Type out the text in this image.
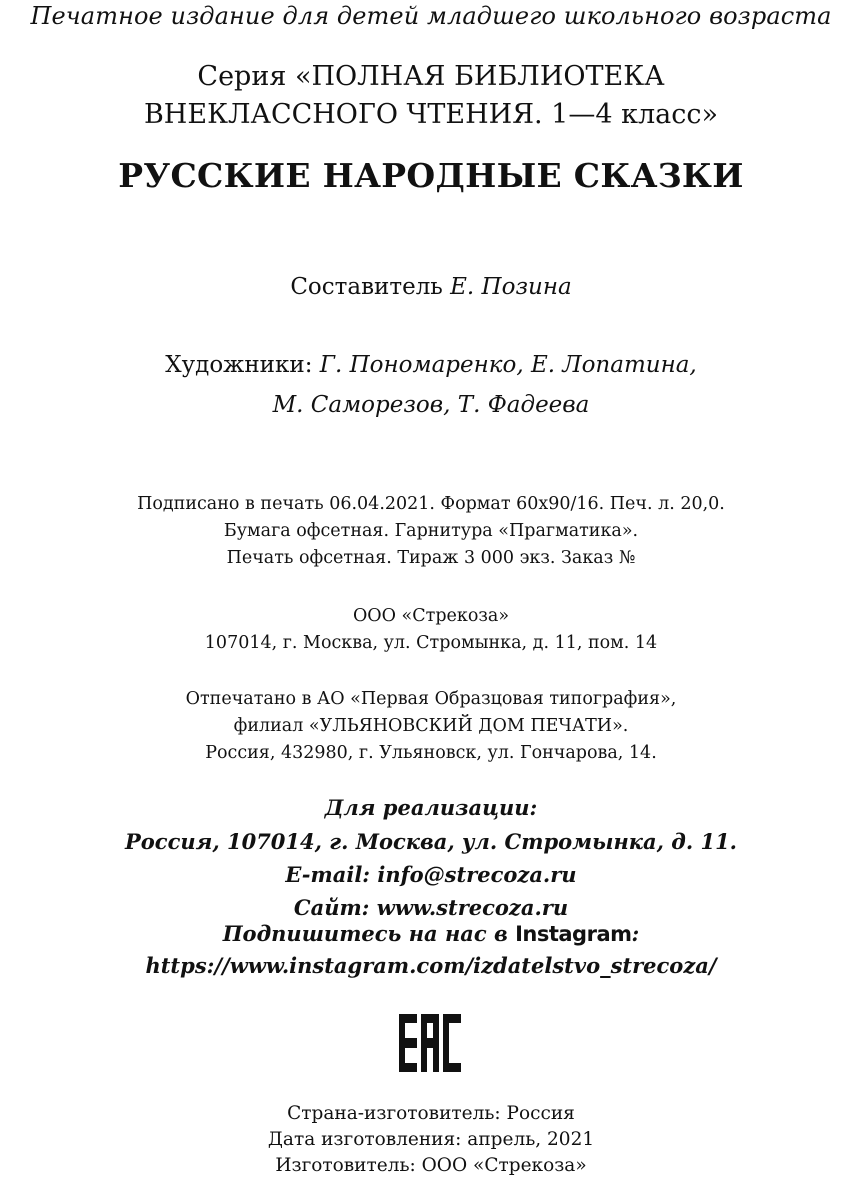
Печатное издание для детей младшего школьного возраста
Серия «ПОЛНАЯ БИБЛИОТЕКА
ВНЕКЛАССНОГО ЧТЕНИЯ. 1—4 класс»
РУССКИЕ НАРОДНЫЕ СКАЗКИ
Составитель Е. Позина
Художники: Г. Пономаренко, Е. Лопатина,
М. Саморезов, Т. Фадеева
Подписано в печать 06.04.2021. Формат 60x90/16. Печ. л. 20,0.
Бумага офсетная. Гарнитура «Прагматика».
Печать офсетная. Тираж 3 000 экз. Заказ №
ООО «Стрекоза»
107014, г. Москва, ул. Стромынка, д. 11, пом. 14
Отпечатано в АО «Первая Образцовая типография»,
филиал «УЛЬЯНОВСКИЙ ДОМ ПЕЧАТИ».
Россия, 432980, г. Ульяновск, ул. Гончарова, 14.
Для реализации:
Россия, 107014, г. Москва, ул. Стромынка, д. 11.
E-mail: info@strecoza.ru
Сайт: www.strecoza.ru
Подпишитесь на нас в Instagram:
https://www.instagram.com/izdatelstvo_strecoza/
Страна-изготовитель: Россия
Дата изготовления: апрель, 2021
Изготовитель: ООО «Стрекоза»
